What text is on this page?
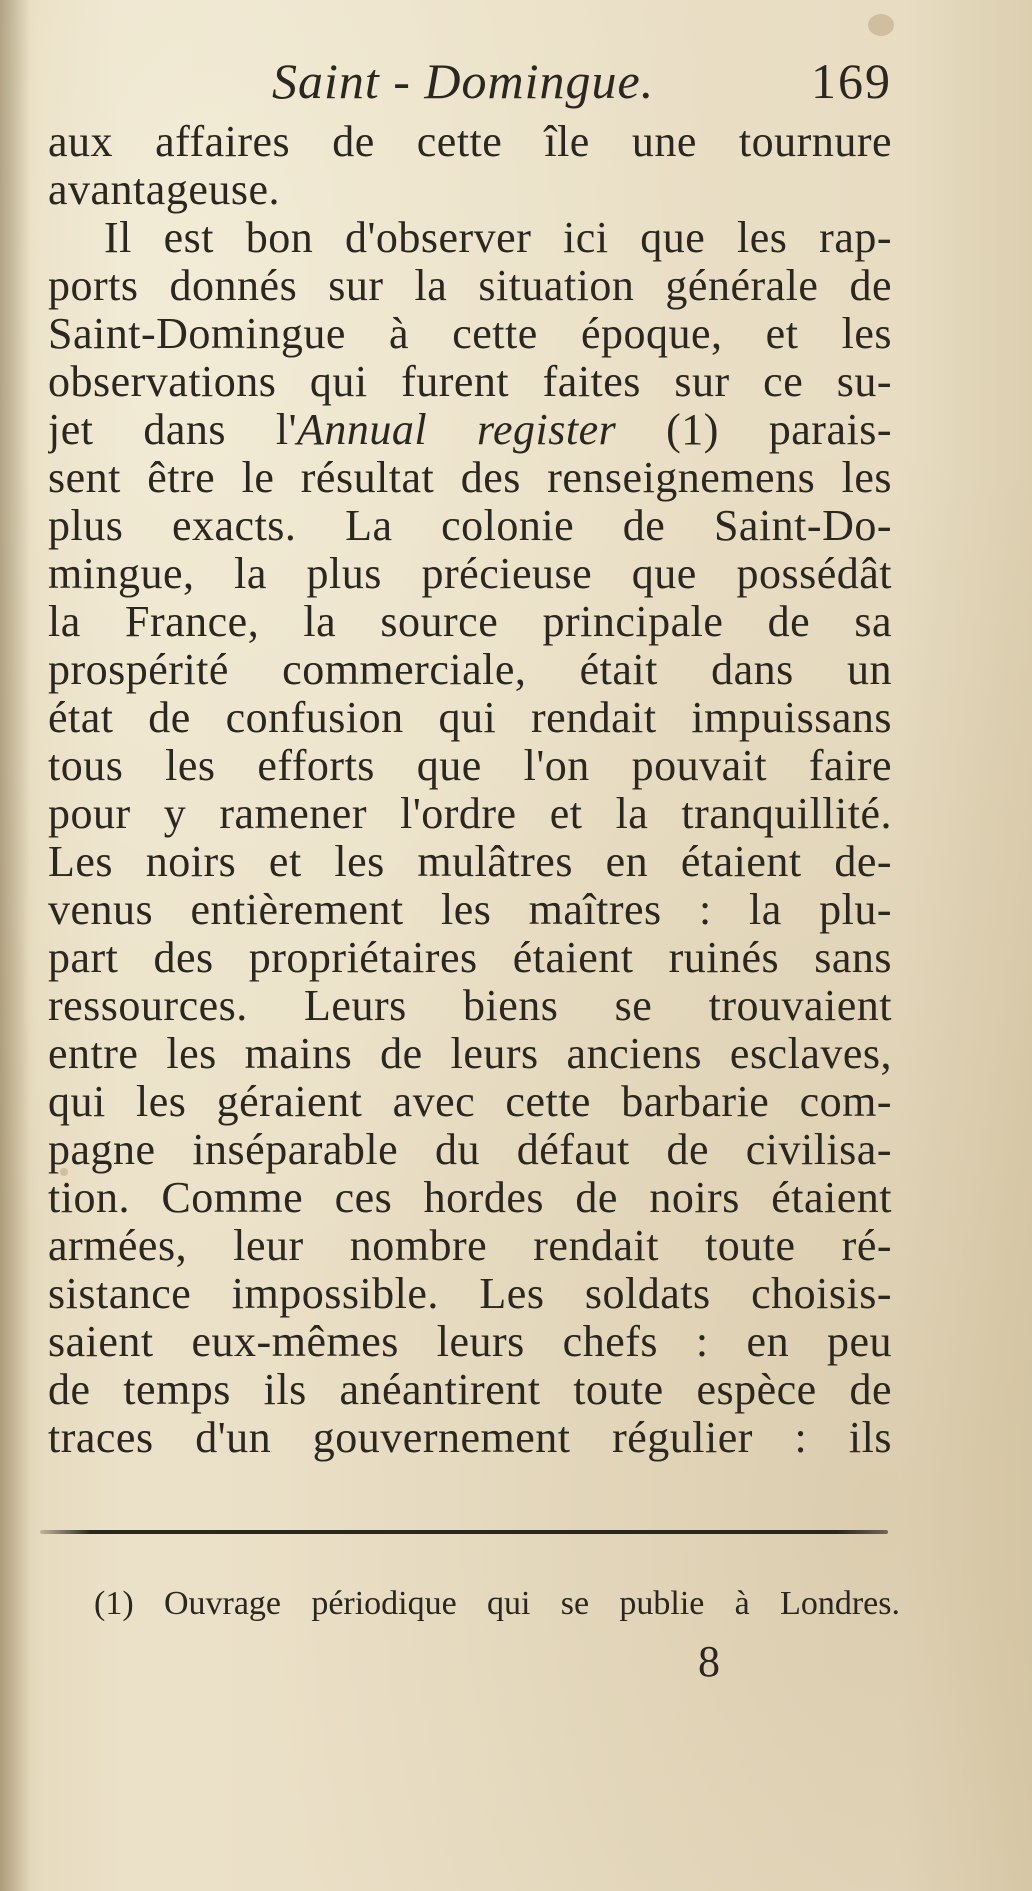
Saint - Domingue.	169
aux affaires de cette île une tournure
avantageuse.
Il est bon d'observer ici que les rap-
ports donnés sur la situation générale de
Saint-Domingue à cette époque, et les
observations qui furent faites sur ce su-
jet dans l'Annual register (1) parais-
sent être le résultat des renseignemens les
plus exacts. La colonie de Saint-Do-
mingue, la plus précieuse que possédât
la France, la source principale de sa
prospérité commerciale, était dans un
état de confusion qui rendait impuissans
tous les efforts que l'on pouvait faire
pour y ramener l'ordre et la tranquillité.
Les noirs et les mulâtres en étaient de-
venus entièrement les maîtres : la plu-
part des propriétaires étaient ruinés sans
ressources. Leurs biens se trouvaient
entre les mains de leurs anciens esclaves,
qui les géraient avec cette barbarie com-
pagne inséparable du défaut de civilisa-
tion. Comme ces hordes de noirs étaient
armées, leur nombre rendait toute ré-
sistance impossible. Les soldats choisis-
saient eux-mêmes leurs chefs : en peu
de temps ils anéantirent toute espèce de
traces d'un gouvernement régulier : ils
(1) Ouvrage périodique qui se publie à Londres.
8
